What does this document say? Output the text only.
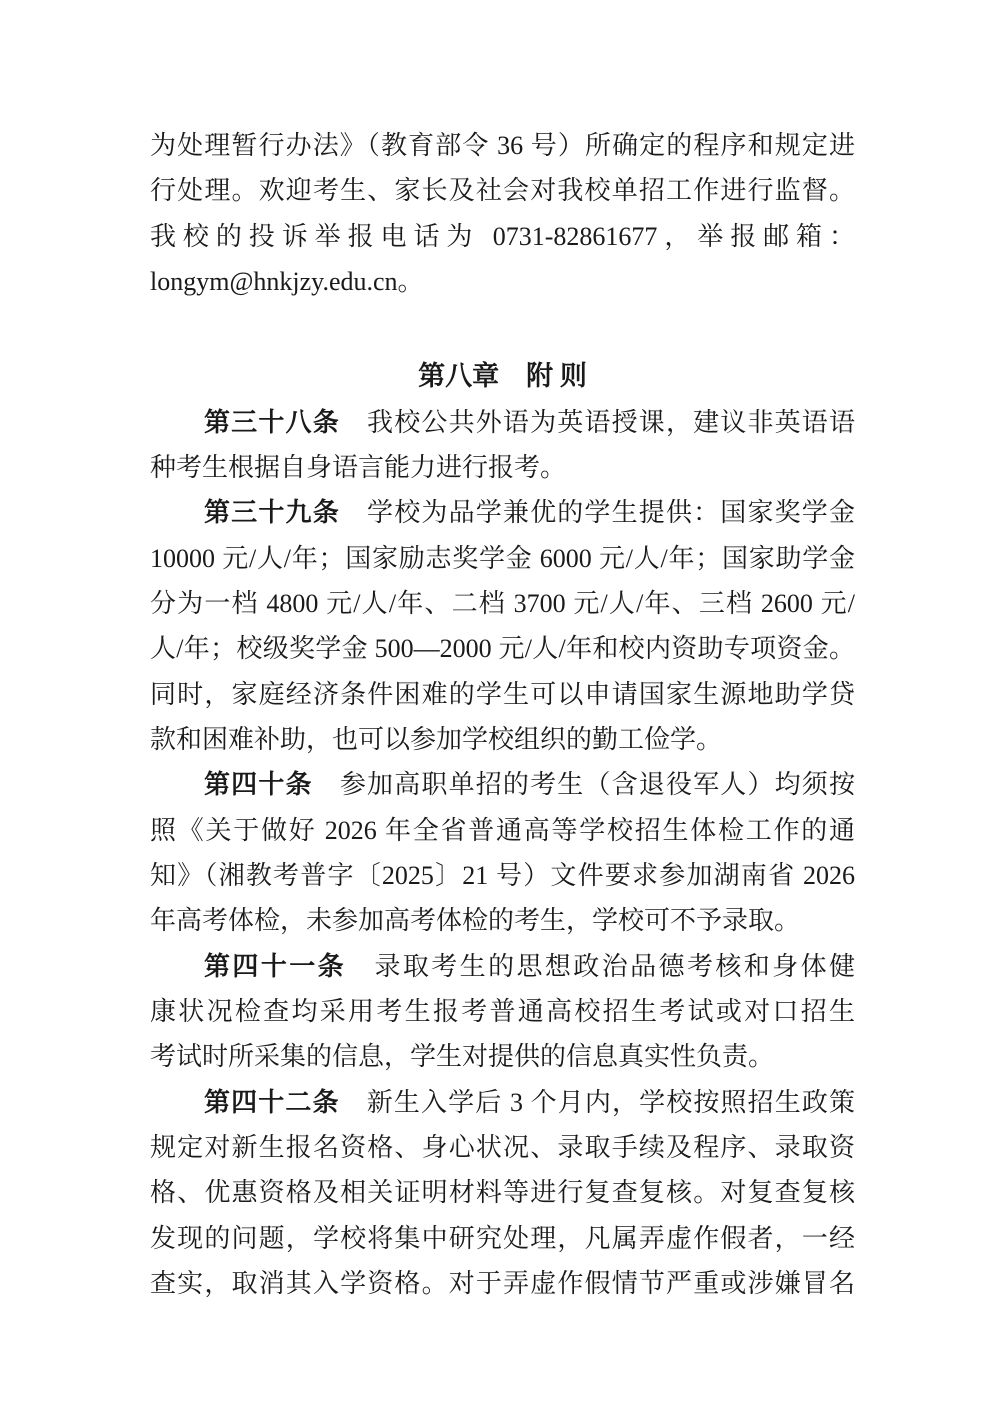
为处理暂行办法》（教育部令 36 号）所确定的程序和规定进
行处理。欢迎考生、家长及社会对我校单招工作进行监督。
我校的投诉举报电话为 0731-82861677，举报邮箱：
longym@hnkjzy.edu.cn。
第八章　附 则
第三十八条　我校公共外语为英语授课，建议非英语语
种考生根据自身语言能力进行报考。
第三十九条　学校为品学兼优的学生提供：国家奖学金
10000 元/人/年；国家励志奖学金 6000 元/人/年；国家助学金
分为一档 4800 元/人/年、二档 3700 元/人/年、三档 2600 元/
人/年；校级奖学金 500—2000 元/人/年和校内资助专项资金。
同时，家庭经济条件困难的学生可以申请国家生源地助学贷
款和困难补助，也可以参加学校组织的勤工俭学。
第四十条　参加高职单招的考生（含退役军人）均须按
照《关于做好 2026 年全省普通高等学校招生体检工作的通
知》（湘教考普字〔2025〕21 号）文件要求参加湖南省 2026
年高考体检，未参加高考体检的考生，学校可不予录取。
第四十一条　录取考生的思想政治品德考核和身体健
康状况检查均采用考生报考普通高校招生考试或对口招生
考试时所采集的信息，学生对提供的信息真实性负责。
第四十二条　新生入学后 3 个月内，学校按照招生政策
规定对新生报名资格、身心状况、录取手续及程序、录取资
格、优惠资格及相关证明材料等进行复查复核。对复查复核
发现的问题，学校将集中研究处理，凡属弄虚作假者，一经
查实，取消其入学资格。对于弄虚作假情节严重或涉嫌冒名
